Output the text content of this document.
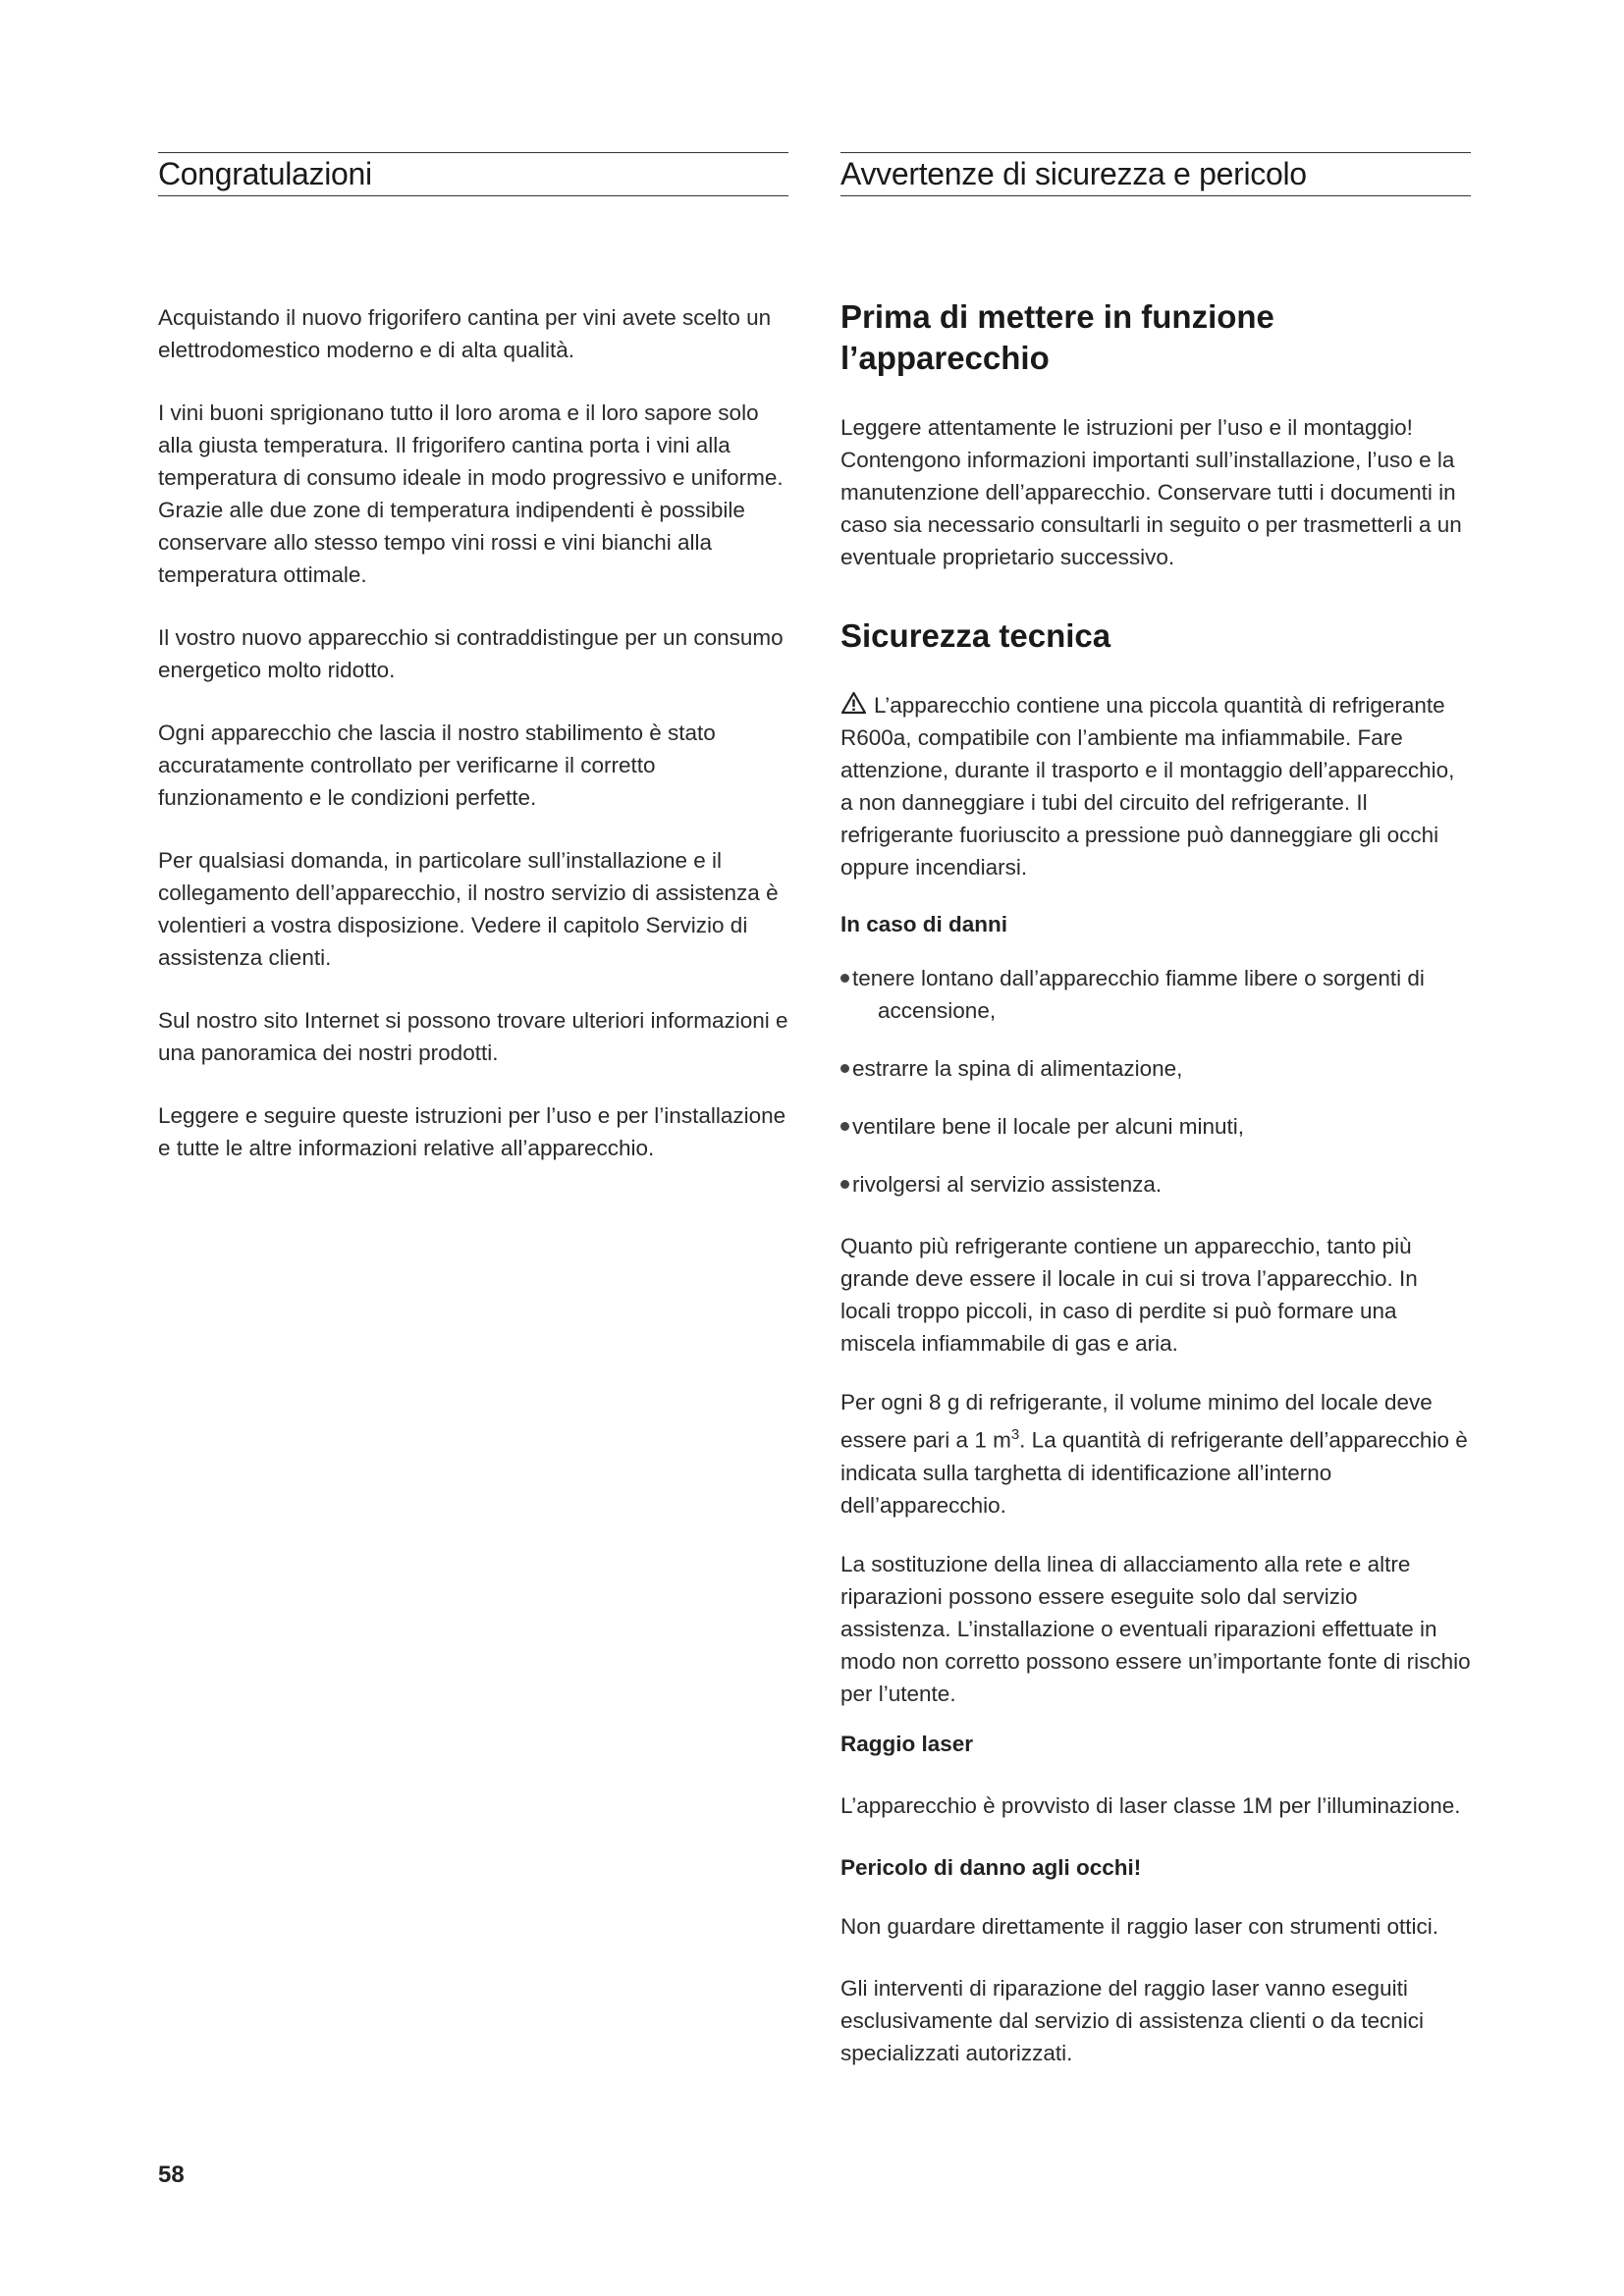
Congratulazioni

Acquistando il nuovo frigorifero cantina per vini avete scelto un elettrodomestico moderno e di alta qualità.

I vini buoni sprigionano tutto il loro aroma e il loro sapore solo alla giusta temperatura. Il frigorifero cantina porta i vini alla temperatura di consumo ideale in modo progressivo e uniforme. Grazie alle due zone di temperatura indipendenti è possibile conservare allo stesso tempo vini rossi e vini bianchi alla temperatura ottimale.

Il vostro nuovo apparecchio si contraddistingue per un consumo energetico molto ridotto.

Ogni apparecchio che lascia il nostro stabilimento è stato accuratamente controllato per verificarne il corretto funzionamento e le condizioni perfette.

Per qualsiasi domanda, in particolare sull’installazione e il collegamento dell’apparecchio, il nostro servizio di assistenza è volentieri a vostra disposizione. Vedere il capitolo Servizio di assistenza clienti.

Sul nostro sito Internet si possono trovare ulteriori informazioni e una panoramica dei nostri prodotti.

Leggere e seguire queste istruzioni per l’uso e per l’installazione e tutte le altre informazioni relative all’apparecchio.

Avvertenze di sicurezza e pericolo
Prima di mettere in funzione l’apparecchio

Leggere attentamente le istruzioni per l’uso e il montaggio! Contengono informazioni importanti sull’installazione, l’uso e la manutenzione dell’apparecchio. Conservare tutti i documenti in caso sia necessario consultarli in seguito o per trasmetterli a un eventuale proprietario successivo.

Sicurezza tecnica

L’apparecchio contiene una piccola quantità di refrigerante R600a, compatibile con l’ambiente ma infiammabile. Fare attenzione, durante il trasporto e il montaggio dell’apparecchio, a non danneggiare i tubi del circuito del refrigerante. Il refrigerante fuoriuscito a pressione può danneggiare gli occhi oppure incendiarsi.

In caso di danni

tenere lontano dall’apparecchio fiamme libere o sorgenti di accensione,

estrarre la spina di alimentazione,

ventilare bene il locale per alcuni minuti,

rivolgersi al servizio assistenza.

Quanto più refrigerante contiene un apparecchio, tanto più grande deve essere il locale in cui si trova l’apparecchio. In locali troppo piccoli, in caso di perdite si può formare una miscela infiammabile di gas e aria.

Per ogni 8 g di refrigerante, il volume minimo del locale deve essere pari a 1 $m^3$. La quantità di refrigerante dell’apparecchio è indicata sulla targhetta di identificazione all’interno dell’apparecchio.

La sostituzione della linea di allacciamento alla rete e altre riparazioni possono essere eseguite solo dal servizio assistenza. L’installazione o eventuali riparazioni effettuate in modo non corretto possono essere un’importante fonte di rischio per l’utente.

Raggio laser

L’apparecchio è provvisto di laser classe 1M per l’illuminazione.

Pericolo di danno agli occhi!

Non guardare direttamente il raggio laser con strumenti ottici.

Gli interventi di riparazione del raggio laser vanno eseguiti esclusivamente dal servizio di assistenza clienti o da tecnici specializzati autorizzati.

58
